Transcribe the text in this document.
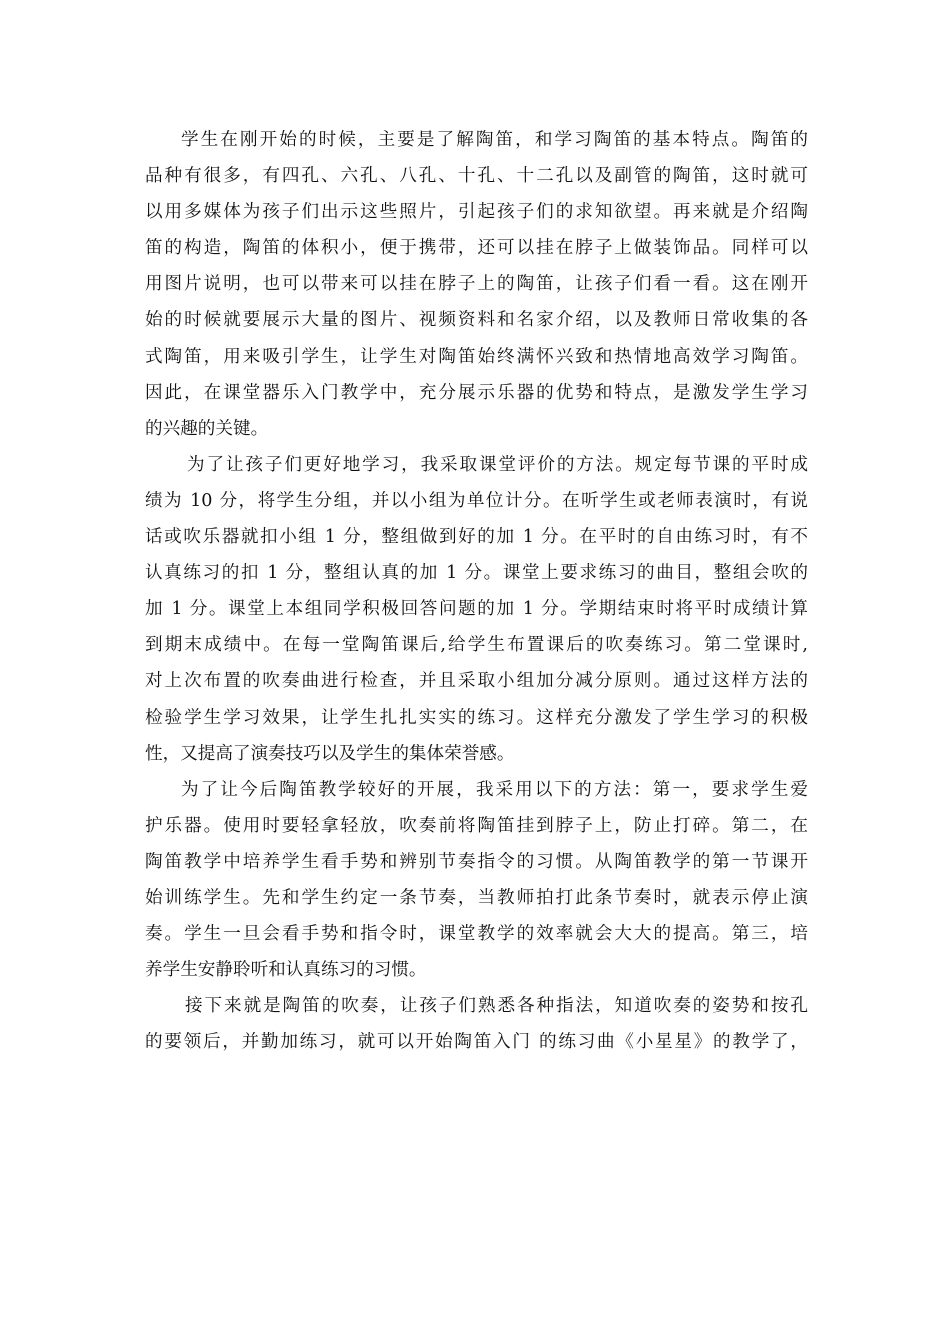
学生在刚开始的时候，主要是了解陶笛，和学习陶笛的基本特点。陶笛的
品种有很多，有四孔、六孔、八孔、十孔、十二孔以及副管的陶笛，这时就可
以用多媒体为孩子们出示这些照片，引起孩子们的求知欲望。再来就是介绍陶
笛的构造，陶笛的体积小，便于携带，还可以挂在脖子上做装饰品。同样可以
用图片说明，也可以带来可以挂在脖子上的陶笛，让孩子们看一看。这在刚开
始的时候就要展示大量的图片、视频资料和名家介绍，以及教师日常收集的各
式陶笛，用来吸引学生，让学生对陶笛始终满怀兴致和热情地高效学习陶笛。
因此，在课堂器乐入门教学中，充分展示乐器的优势和特点，是激发学生学习
的兴趣的关键。
为了让孩子们更好地学习，我采取课堂评价的方法。规定每节课的平时成
绩为 10 分，将学生分组，并以小组为单位计分。在听学生或老师表演时，有说
话或吹乐器就扣小组 1 分，整组做到好的加 1 分。在平时的自由练习时，有不
认真练习的扣 1 分，整组认真的加 1 分。课堂上要求练习的曲目，整组会吹的
加 1 分。课堂上本组同学积极回答问题的加 1 分。学期结束时将平时成绩计算
到期末成绩中。在每一堂陶笛课后,给学生布置课后的吹奏练习。第二堂课时,
对上次布置的吹奏曲进行检查，并且采取小组加分减分原则。通过这样方法的
检验学生学习效果，让学生扎扎实实的练习。这样充分激发了学生学习的积极
性，又提高了演奏技巧以及学生的集体荣誉感。
为了让今后陶笛教学较好的开展，我采用以下的方法：第一，要求学生爱
护乐器。使用时要轻拿轻放，吹奏前将陶笛挂到脖子上，防止打碎。第二，在
陶笛教学中培养学生看手势和辨别节奏指令的习惯。从陶笛教学的第一节课开
始训练学生。先和学生约定一条节奏，当教师拍打此条节奏时，就表示停止演
奏。学生一旦会看手势和指令时，课堂教学的效率就会大大的提高。第三，培
养学生安静聆听和认真练习的习惯。
接下来就是陶笛的吹奏，让孩子们熟悉各种指法，知道吹奏的姿势和按孔
的要领后，并勤加练习，就可以开始陶笛入门 的练习曲《小星星》的教学了，
